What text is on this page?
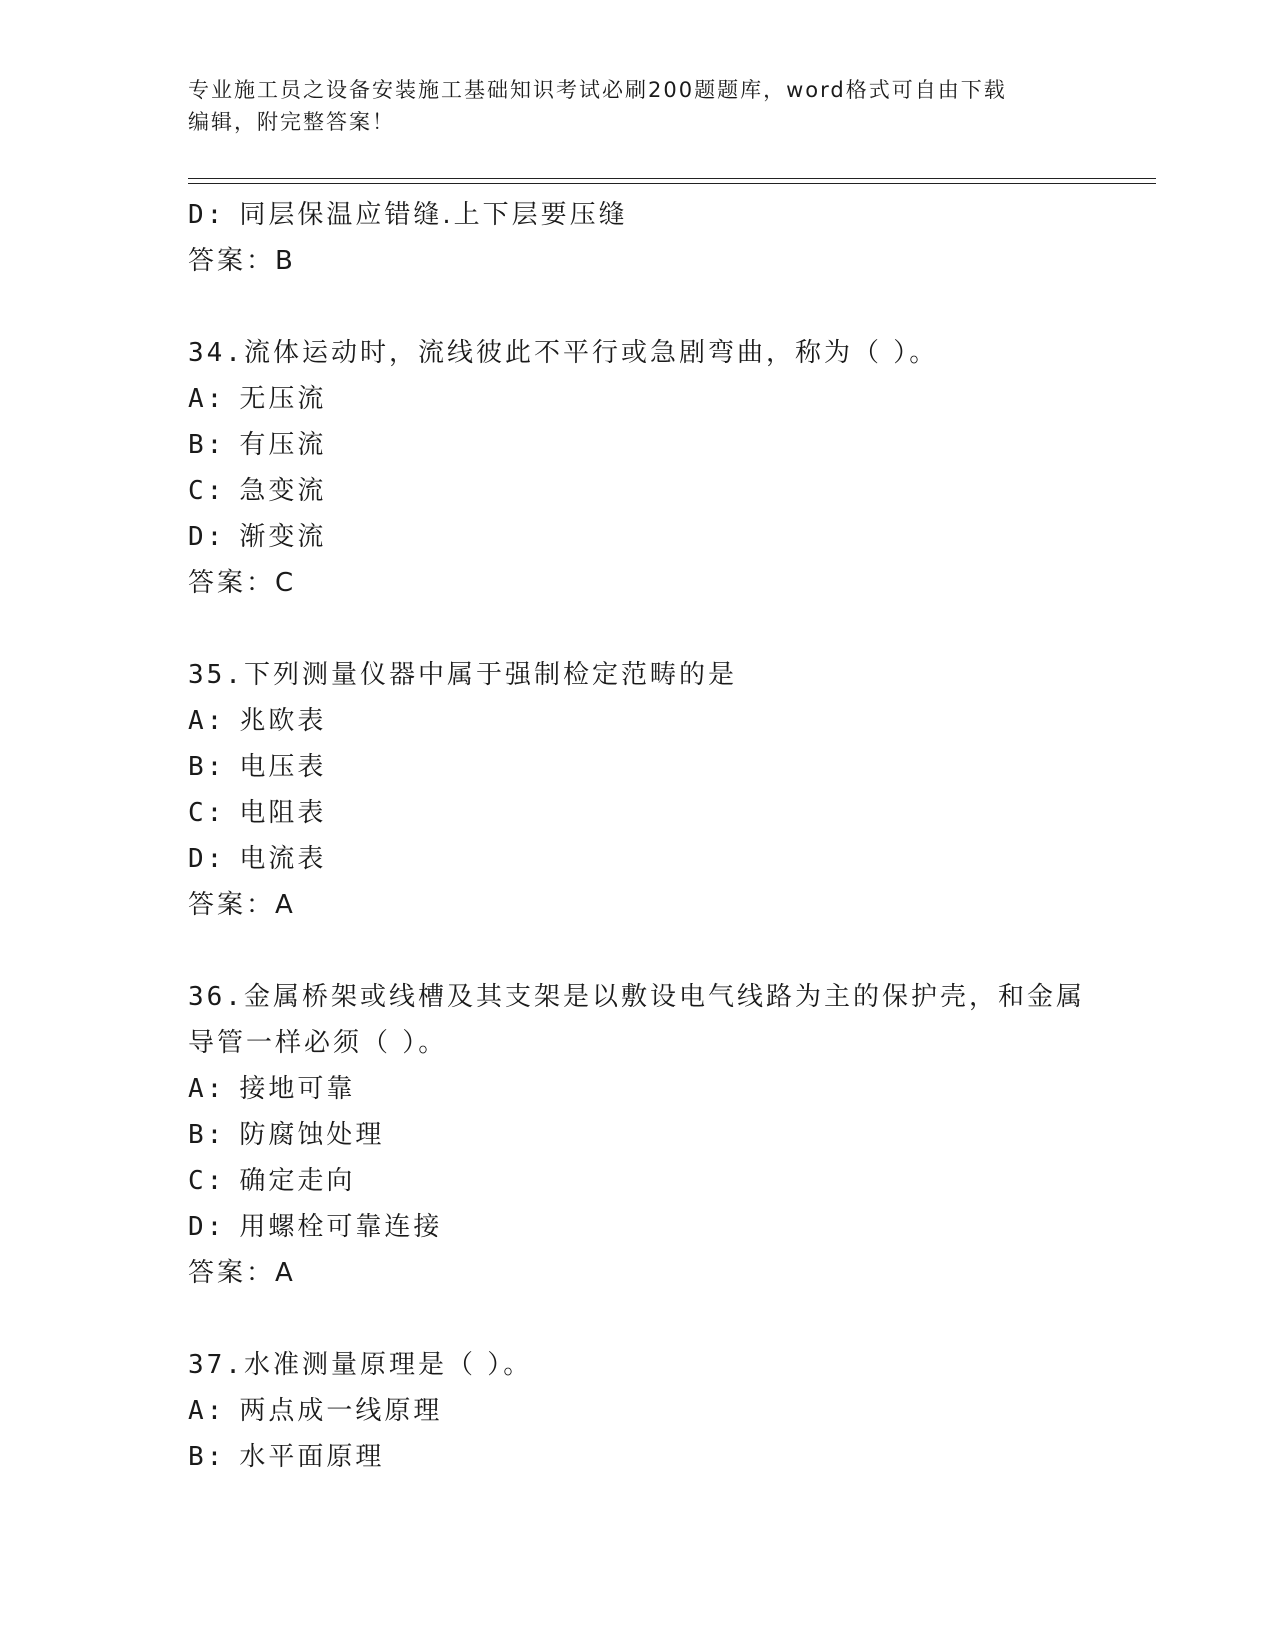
专业施工员之设备安装施工基础知识考试必刷200题题库，word格式可自由下载
编辑，附完整答案！
D: 同层保温应错缝.上下层要压缝
答案：B
34.流体运动时，流线彼此不平行或急剧弯曲，称为（ ）。
A: 无压流
B: 有压流
C: 急变流
D: 渐变流
答案：C
35.下列测量仪器中属于强制检定范畴的是
A: 兆欧表
B: 电压表
C: 电阻表
D: 电流表
答案：A
36.金属桥架或线槽及其支架是以敷设电气线路为主的保护壳，和金属
导管一样必须（ ）。
A: 接地可靠
B: 防腐蚀处理
C: 确定走向
D: 用螺栓可靠连接
答案：A
37.水准测量原理是（ ）。
A: 两点成一线原理
B: 水平面原理
